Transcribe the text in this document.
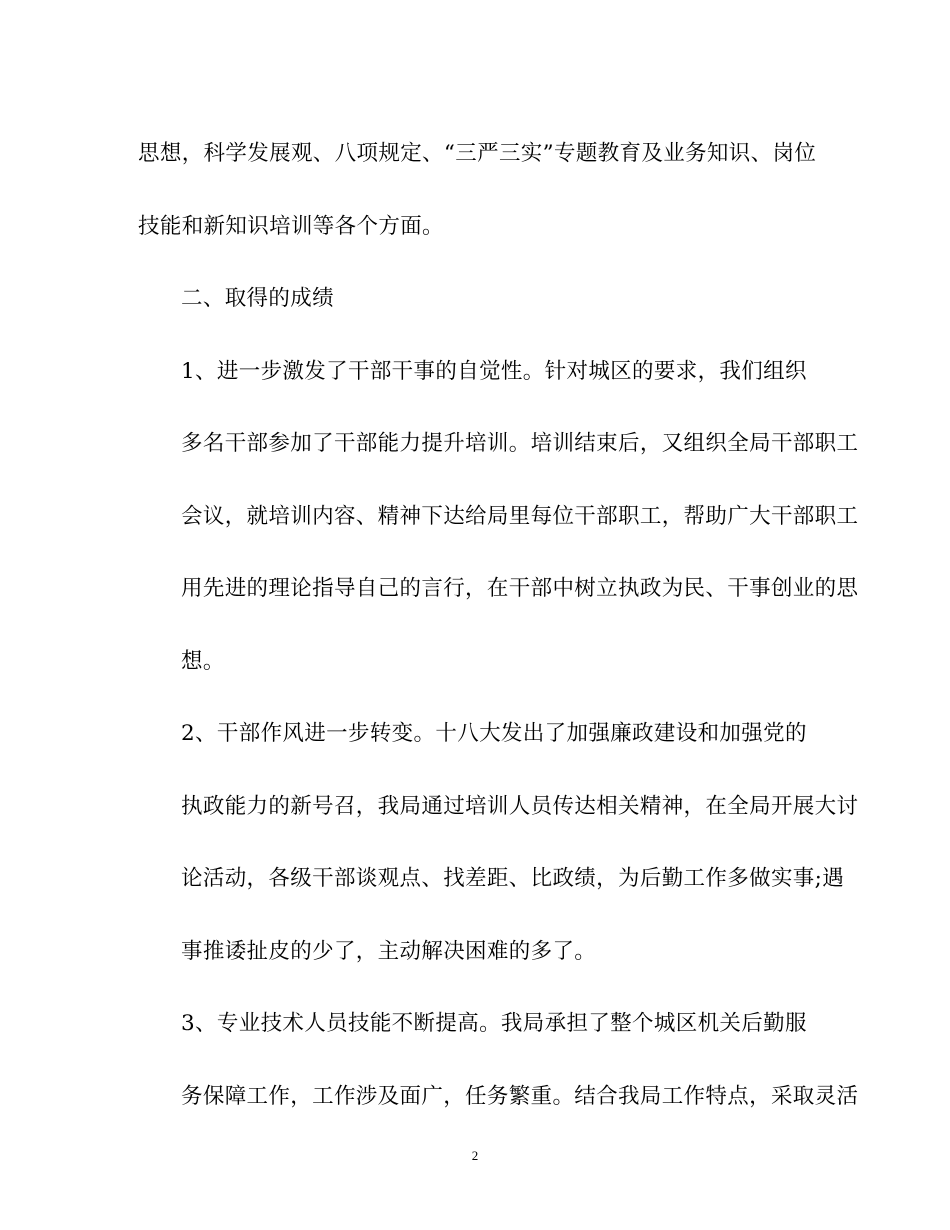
思想，科学发展观、八项规定、“三严三实”专题教育及业务知识、岗位
技能和新知识培训等各个方面。

二、取得的成绩

1、进一步激发了干部干事的自觉性。针对城区的要求，我们组织
多名干部参加了干部能力提升培训。培训结束后，又组织全局干部职工
会议，就培训内容、精神下达给局里每位干部职工，帮助广大干部职工
用先进的理论指导自己的言行，在干部中树立执政为民、干事创业的思
想。

2、干部作风进一步转变。十八大发出了加强廉政建设和加强党的
执政能力的新号召，我局通过培训人员传达相关精神，在全局开展大讨
论活动，各级干部谈观点、找差距、比政绩，为后勤工作多做实事;遇
事推诿扯皮的少了，主动解决困难的多了。

3、专业技术人员技能不断提高。我局承担了整个城区机关后勤服
务保障工作，工作涉及面广，任务繁重。结合我局工作特点，采取灵活

2
